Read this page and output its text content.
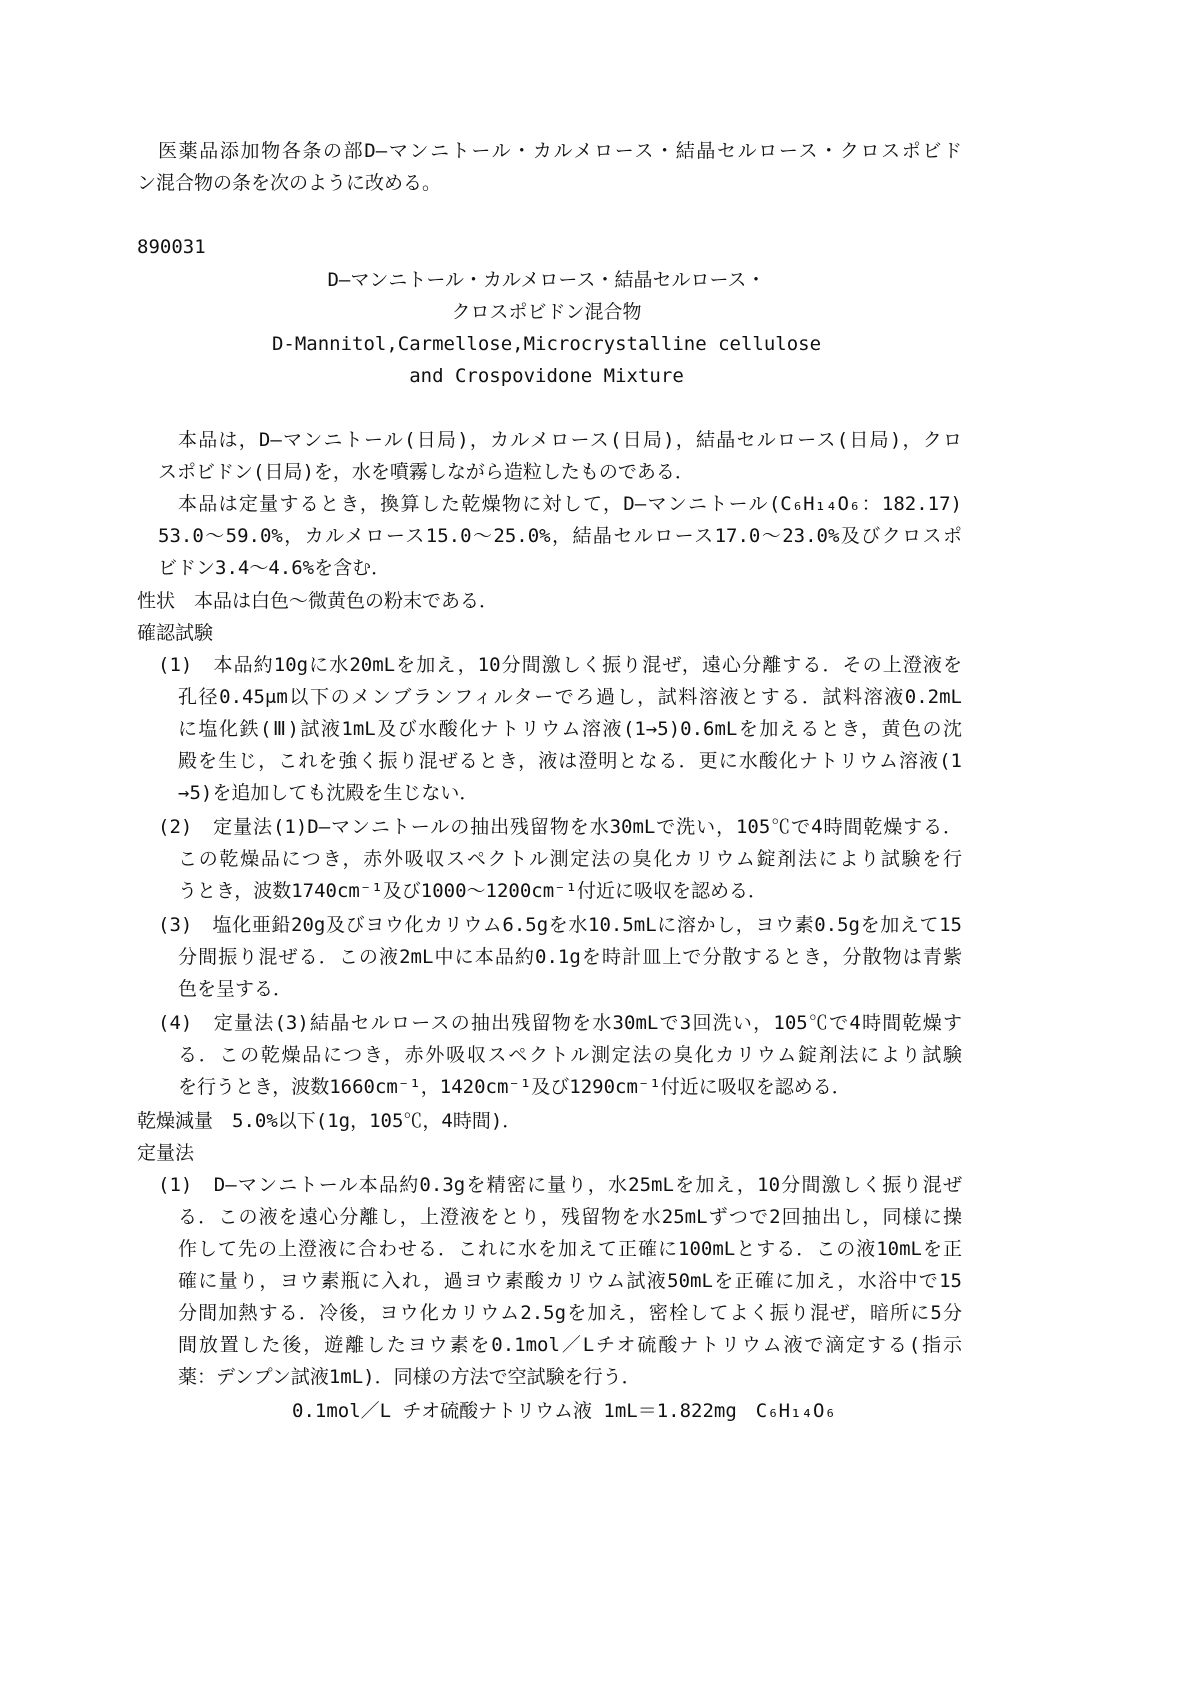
医薬品添加物各条の部D―マンニトール・カルメロース・結晶セルロース・クロスポビド
ン混合物の条を次のように改める。
890031
D―マンニトール・カルメロース・結晶セルロース・
クロスポビドン混合物
D-Mannitol,Carmellose,Microcrystalline cellulose
and Crospovidone Mixture
本品は，D―マンニトール(日局)，カルメロース(日局)，結晶セルロース(日局)，クロ
スポビドン(日局)を，水を噴霧しながら造粒したものである．
本品は定量するとき，換算した乾燥物に対して，D―マンニトール(C₆H₁₄O₆：182.17)
53.0～59.0%，カルメロース15.0～25.0%，結晶セルロース17.0～23.0%及びクロスポ
ビドン3.4～4.6%を含む．
性状　本品は白色～微黄色の粉末である．
確認試験
(1)　本品約10gに水20mLを加え，10分間激しく振り混ぜ，遠心分離する．その上澄液を
孔径0.45μm以下のメンブランフィルターでろ過し，試料溶液とする．試料溶液0.2mL
に塩化鉄(Ⅲ)試液1mL及び水酸化ナトリウム溶液(1→5)0.6mLを加えるとき，黄色の沈
殿を生じ，これを強く振り混ぜるとき，液は澄明となる．更に水酸化ナトリウム溶液(1
→5)を追加しても沈殿を生じない．
(2)　定量法(1)D―マンニトールの抽出残留物を水30mLで洗い，105℃で4時間乾燥する．
この乾燥品につき，赤外吸収スペクトル測定法の臭化カリウム錠剤法により試験を行
うとき，波数1740cm⁻¹及び1000～1200cm⁻¹付近に吸収を認める．
(3)　塩化亜鉛20g及びヨウ化カリウム6.5gを水10.5mLに溶かし，ヨウ素0.5gを加えて15
分間振り混ぜる．この液2mL中に本品約0.1gを時計皿上で分散するとき，分散物は青紫
色を呈する．
(4)　定量法(3)結晶セルロースの抽出残留物を水30mLで3回洗い，105℃で4時間乾燥す
る．この乾燥品につき，赤外吸収スペクトル測定法の臭化カリウム錠剤法により試験
を行うとき，波数1660cm⁻¹，1420cm⁻¹及び1290cm⁻¹付近に吸収を認める．
乾燥減量　5.0%以下(1g，105℃，4時間)．
定量法
(1)　D―マンニトール本品約0.3gを精密に量り，水25mLを加え，10分間激しく振り混ぜ
る．この液を遠心分離し，上澄液をとり，残留物を水25mLずつで2回抽出し，同様に操
作して先の上澄液に合わせる．これに水を加えて正確に100mLとする．この液10mLを正
確に量り，ヨウ素瓶に入れ，過ヨウ素酸カリウム試液50mLを正確に加え，水浴中で15
分間加熱する．冷後，ヨウ化カリウム2.5gを加え，密栓してよく振り混ぜ，暗所に5分
間放置した後，遊離したヨウ素を0.1mol／Lチオ硫酸ナトリウム液で滴定する(指示
薬：デンプン試液1mL)．同様の方法で空試験を行う．
0.1mol／L チオ硫酸ナトリウム液 1mL＝1.822mg　C₆H₁₄O₆
